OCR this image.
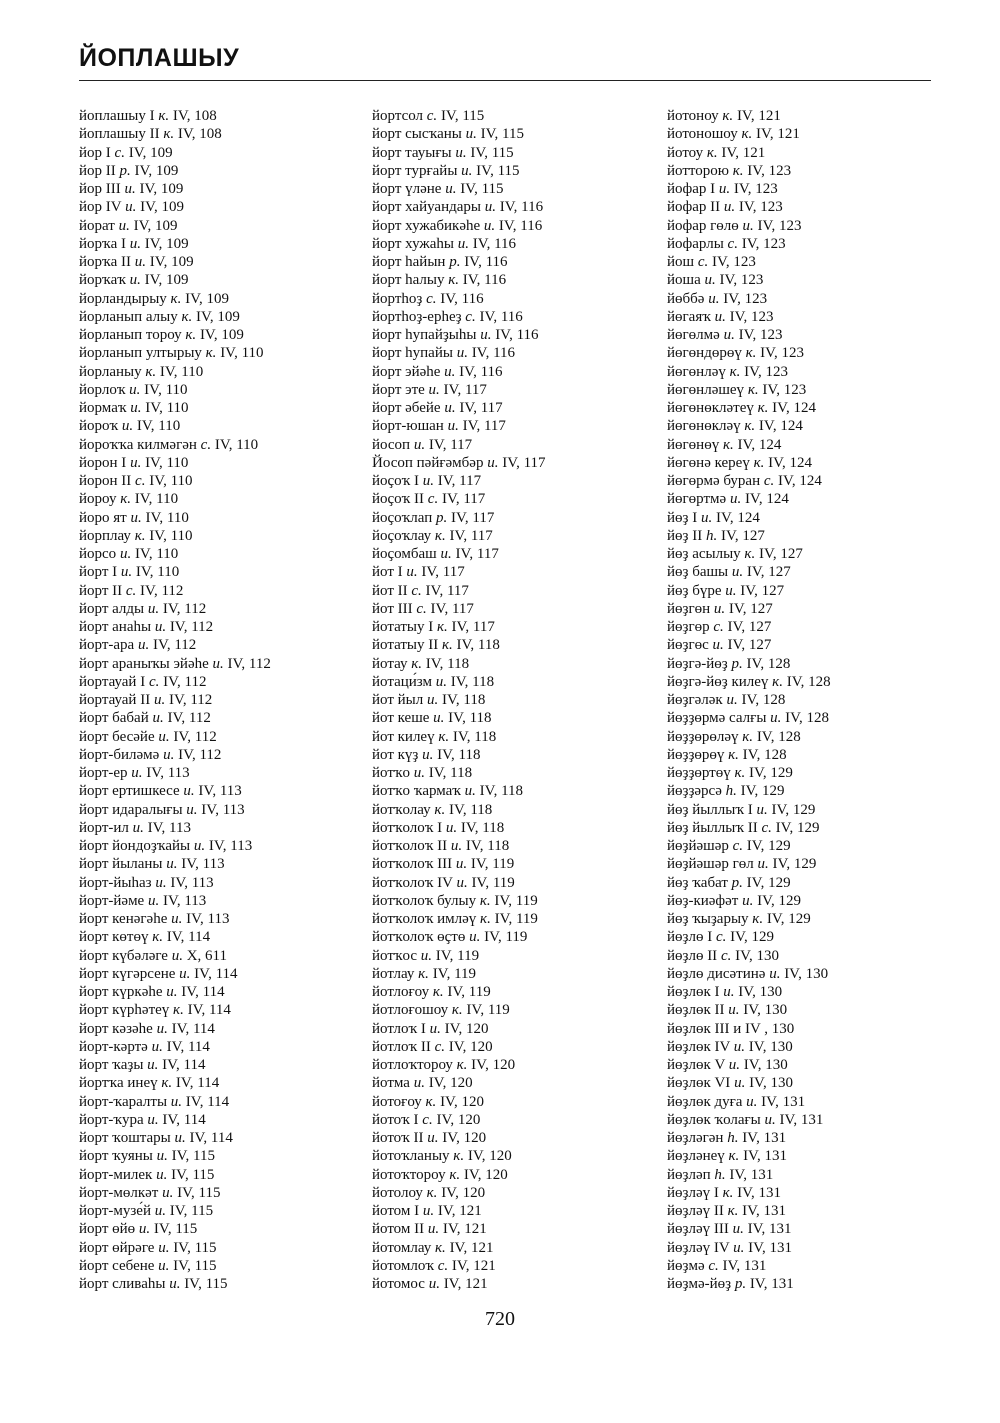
ЙОПЛАШЫУ
йоплашыу I к. IV, 108
йоплашыу II к. IV, 108
йор I с. IV, 109
йор II р. IV, 109
йор III и. IV, 109
йор IV и. IV, 109
йорат и. IV, 109
йорҡа I и. IV, 109
йорҡа II и. IV, 109
йорҡаҡ и. IV, 109
йорландырыу к. IV, 109
йорланып алыу к. IV, 109
йорланып тороу к. IV, 109
йорланып ултырыу к. IV, 110
йорланыу к. IV, 110
йорлоҡ и. IV, 110
йормаҡ и. IV, 110
йороҡ и. IV, 110
йороҡҡа килмәгән с. IV, 110
йорон I и. IV, 110
йорон II с. IV, 110
йороу к. IV, 110
йоро ят и. IV, 110
йорплау к. IV, 110
йорсо и. IV, 110
йорт I и. IV, 110
йорт II с. IV, 112
йорт алды и. IV, 112
йорт анаһы и. IV, 112
йорт-ара и. IV, 112
йорт араныҡы эйәһе и. IV, 112
йортауай I с. IV, 112
йортауай II и. IV, 112
йорт бабай и. IV, 112
йорт бесәйе и. IV, 112
йорт-биләмә и. IV, 112
йорт-ер и. IV, 113
йорт ертишкесе и. IV, 113
йорт идаралығы и. IV, 113
йорт-ил и. IV, 113
йорт йондоҙҡайы и. IV, 113
йорт йыланы и. IV, 113
йорт-йыһаз и. IV, 113
йорт-йәме и. IV, 113
йорт кенәгәһе и. IV, 113
йорт көтөү к. IV, 114
йорт күбәләге и. X, 611
йорт күгәрсене и. IV, 114
йорт күркәһе и. IV, 114
йорт күрһәтеү к. IV, 114
йорт кәзәһе и. IV, 114
йорт-кәртә и. IV, 114
йорт ҡаҙы и. IV, 114
йортҡа инеү к. IV, 114
йорт-ҡаралты и. IV, 114
йорт-ҡура и. IV, 114
йорт ҡоштары и. IV, 114
йорт ҡуяны и. IV, 115
йорт-милек и. IV, 115
йорт-мөлкәт и. IV, 115
йорт-музе́й и. IV, 115
йорт өйө и. IV, 115
йорт өйрәге и. IV, 115
йорт себене и. IV, 115
йорт сливаһы и. IV, 115
йортсол с. IV, 115
йорт сысҡаны и. IV, 115
йорт тауығы и. IV, 115
йорт турғайы и. IV, 115
йорт үләне и. IV, 115
йорт хайуандары и. IV, 116
йорт хужабикәһе и. IV, 116
йорт хужаһы и. IV, 116
йорт һайын р. IV, 116
йорт һалыу к. IV, 116
йортһоҙ с. IV, 116
йортһоҙ-ерһеҙ с. IV, 116
йорт һупайҙыһы и. IV, 116
йорт һупайы и. IV, 116
йорт эйәһе и. IV, 116
йорт эте и. IV, 117
йорт әбейе и. IV, 117
йорт-юшан и. IV, 117
йосоп и. IV, 117
Йосоп пәйғәмбәр и. IV, 117
йоҫоҡ I и. IV, 117
йоҫоҡ II с. IV, 117
йоҫоҡлап р. IV, 117
йоҫоҡлау к. IV, 117
йоҫомбаш и. IV, 117
йот I и. IV, 117
йот II с. IV, 117
йот III с. IV, 117
йотатыу I к. IV, 117
йотатыу II к. IV, 118
йотау к. IV, 118
йотаци́зм и. IV, 118
йот йыл и. IV, 118
йот кеше и. IV, 118
йот килеү к. IV, 118
йот күҙ и. IV, 118
йотҡо и. IV, 118
йотҡо ҡармаҡ и. IV, 118
йотҡолау к. IV, 118
йотҡолоҡ I и. IV, 118
йотҡолоҡ II и. IV, 118
йотҡолоҡ III и. IV, 119
йотҡолоҡ IV и. IV, 119
йотҡолоҡ булыу к. IV, 119
йотҡолоҡ имләү к. IV, 119
йотҡолоҡ өҫтө и. IV, 119
йотҡос и. IV, 119
йотлау к. IV, 119
йотлоғоу к. IV, 119
йотлоғошоу к. IV, 119
йотлоҡ I и. IV, 120
йотлоҡ II с. IV, 120
йотлоҡтороу к. IV, 120
йотма и. IV, 120
йотоғоу к. IV, 120
йотоҡ I с. IV, 120
йотоҡ II и. IV, 120
йотоҡланыу к. IV, 120
йотоҡтороу к. IV, 120
йотолоу к. IV, 120
йотом I и. IV, 121
йотом II и. IV, 121
йотомлау к. IV, 121
йотомлоҡ с. IV, 121
йотомос и. IV, 121
йотоноу к. IV, 121
йотоношоу к. IV, 121
йотоу к. IV, 121
йотторою к. IV, 123
йофар I и. IV, 123
йофар II и. IV, 123
йофар гөлө и. IV, 123
йофарлы с. IV, 123
йош с. IV, 123
йоша и. IV, 123
йөббә и. IV, 123
йөгаяҡ и. IV, 123
йөгөлмә и. IV, 123
йөгөндөрөү к. IV, 123
йөгөнләү к. IV, 123
йөгөнләшеү к. IV, 123
йөгөнөкләтеү к. IV, 124
йөгөнөкләү к. IV, 124
йөгөнөү к. IV, 124
йөгөнә кереү к. IV, 124
йөгөрмә буран с. IV, 124
йөгөртмә и. IV, 124
йөҙ I и. IV, 124
йөҙ II h. IV, 127
йөҙ асылыу к. IV, 127
йөҙ башы и. IV, 127
йөҙ бүре и. IV, 127
йөҙгөн и. IV, 127
йөҙгөр с. IV, 127
йөҙгөс и. IV, 127
йөҙгә-йөҙ р. IV, 128
йөҙгә-йөҙ килеү к. IV, 128
йөҙгәләк и. IV, 128
йөҙҙөрмә салғы и. IV, 128
йөҙҙөрөләү к. IV, 128
йөҙҙөрөү к. IV, 128
йөҙҙөртөү к. IV, 129
йөҙҙәрсә h. IV, 129
йөҙ йыллыҡ I и. IV, 129
йөҙ йыллыҡ II с. IV, 129
йөҙйәшәр с. IV, 129
йөҙйәшәр гөл и. IV, 129
йөҙ ҡабат р. IV, 129
йөҙ-киәфәт и. IV, 129
йөҙ ҡыҙарыу к. IV, 129
йөҙлө I с. IV, 129
йөҙлө II с. IV, 130
йөҙлө дисәтинә и. IV, 130
йөҙлөк I и. IV, 130
йөҙлөк II и. IV, 130
йөҙлөк III и IV , 130
йөҙлөк IV и. IV, 130
йөҙлөк V и. IV, 130
йөҙлөк VI и. IV, 130
йөҙлөк дуға и. IV, 131
йөҙлөк ҡолағы и. IV, 131
йөҙләгән h. IV, 131
йөҙләнеү к. IV, 131
йөҙләп h. IV, 131
йөҙләү I к. IV, 131
йөҙләү II к. IV, 131
йөҙләү III и. IV, 131
йөҙләү IV и. IV, 131
йөҙмә с. IV, 131
йөҙмә-йөҙ р. IV, 131
720
